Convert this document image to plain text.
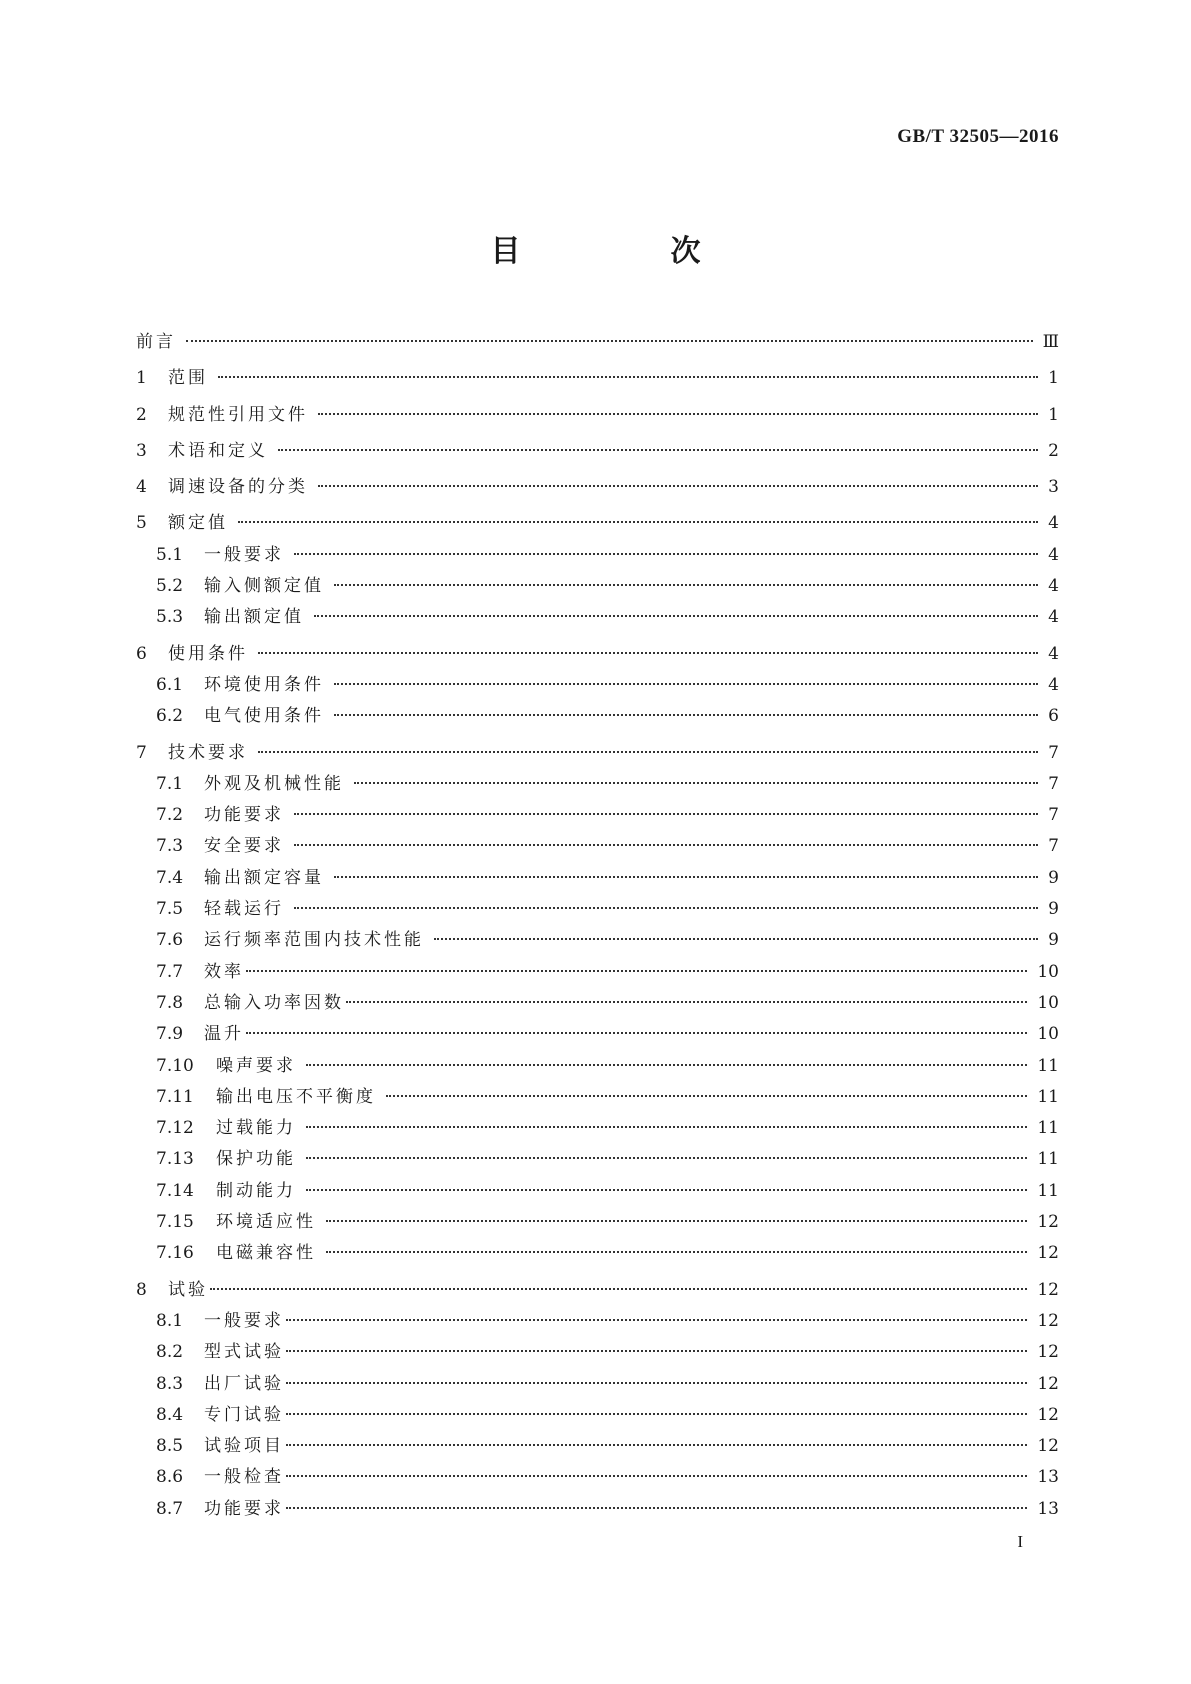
GB/T 32505—2016
目　次
前言	Ⅲ
1	范围	1
2	规范性引用文件	1
3	术语和定义	2
4	调速设备的分类	3
5	额定值	4
5.1	一般要求	4
5.2	输入侧额定值	4
5.3	输出额定值	4
6	使用条件	4
6.1	环境使用条件	4
6.2	电气使用条件	6
7	技术要求	7
7.1	外观及机械性能	7
7.2	功能要求	7
7.3	安全要求	7
7.4	输出额定容量	9
7.5	轻载运行	9
7.6	运行频率范围内技术性能	9
7.7	效率	10
7.8	总输入功率因数	10
7.9	温升	10
7.10	噪声要求	11
7.11	输出电压不平衡度	11
7.12	过载能力	11
7.13	保护功能	11
7.14	制动能力	11
7.15	环境适应性	12
7.16	电磁兼容性	12
8	试验	12
8.1	一般要求	12
8.2	型式试验	12
8.3	出厂试验	12
8.4	专门试验	12
8.5	试验项目	12
8.6	一般检查	13
8.7	功能要求	13
I
